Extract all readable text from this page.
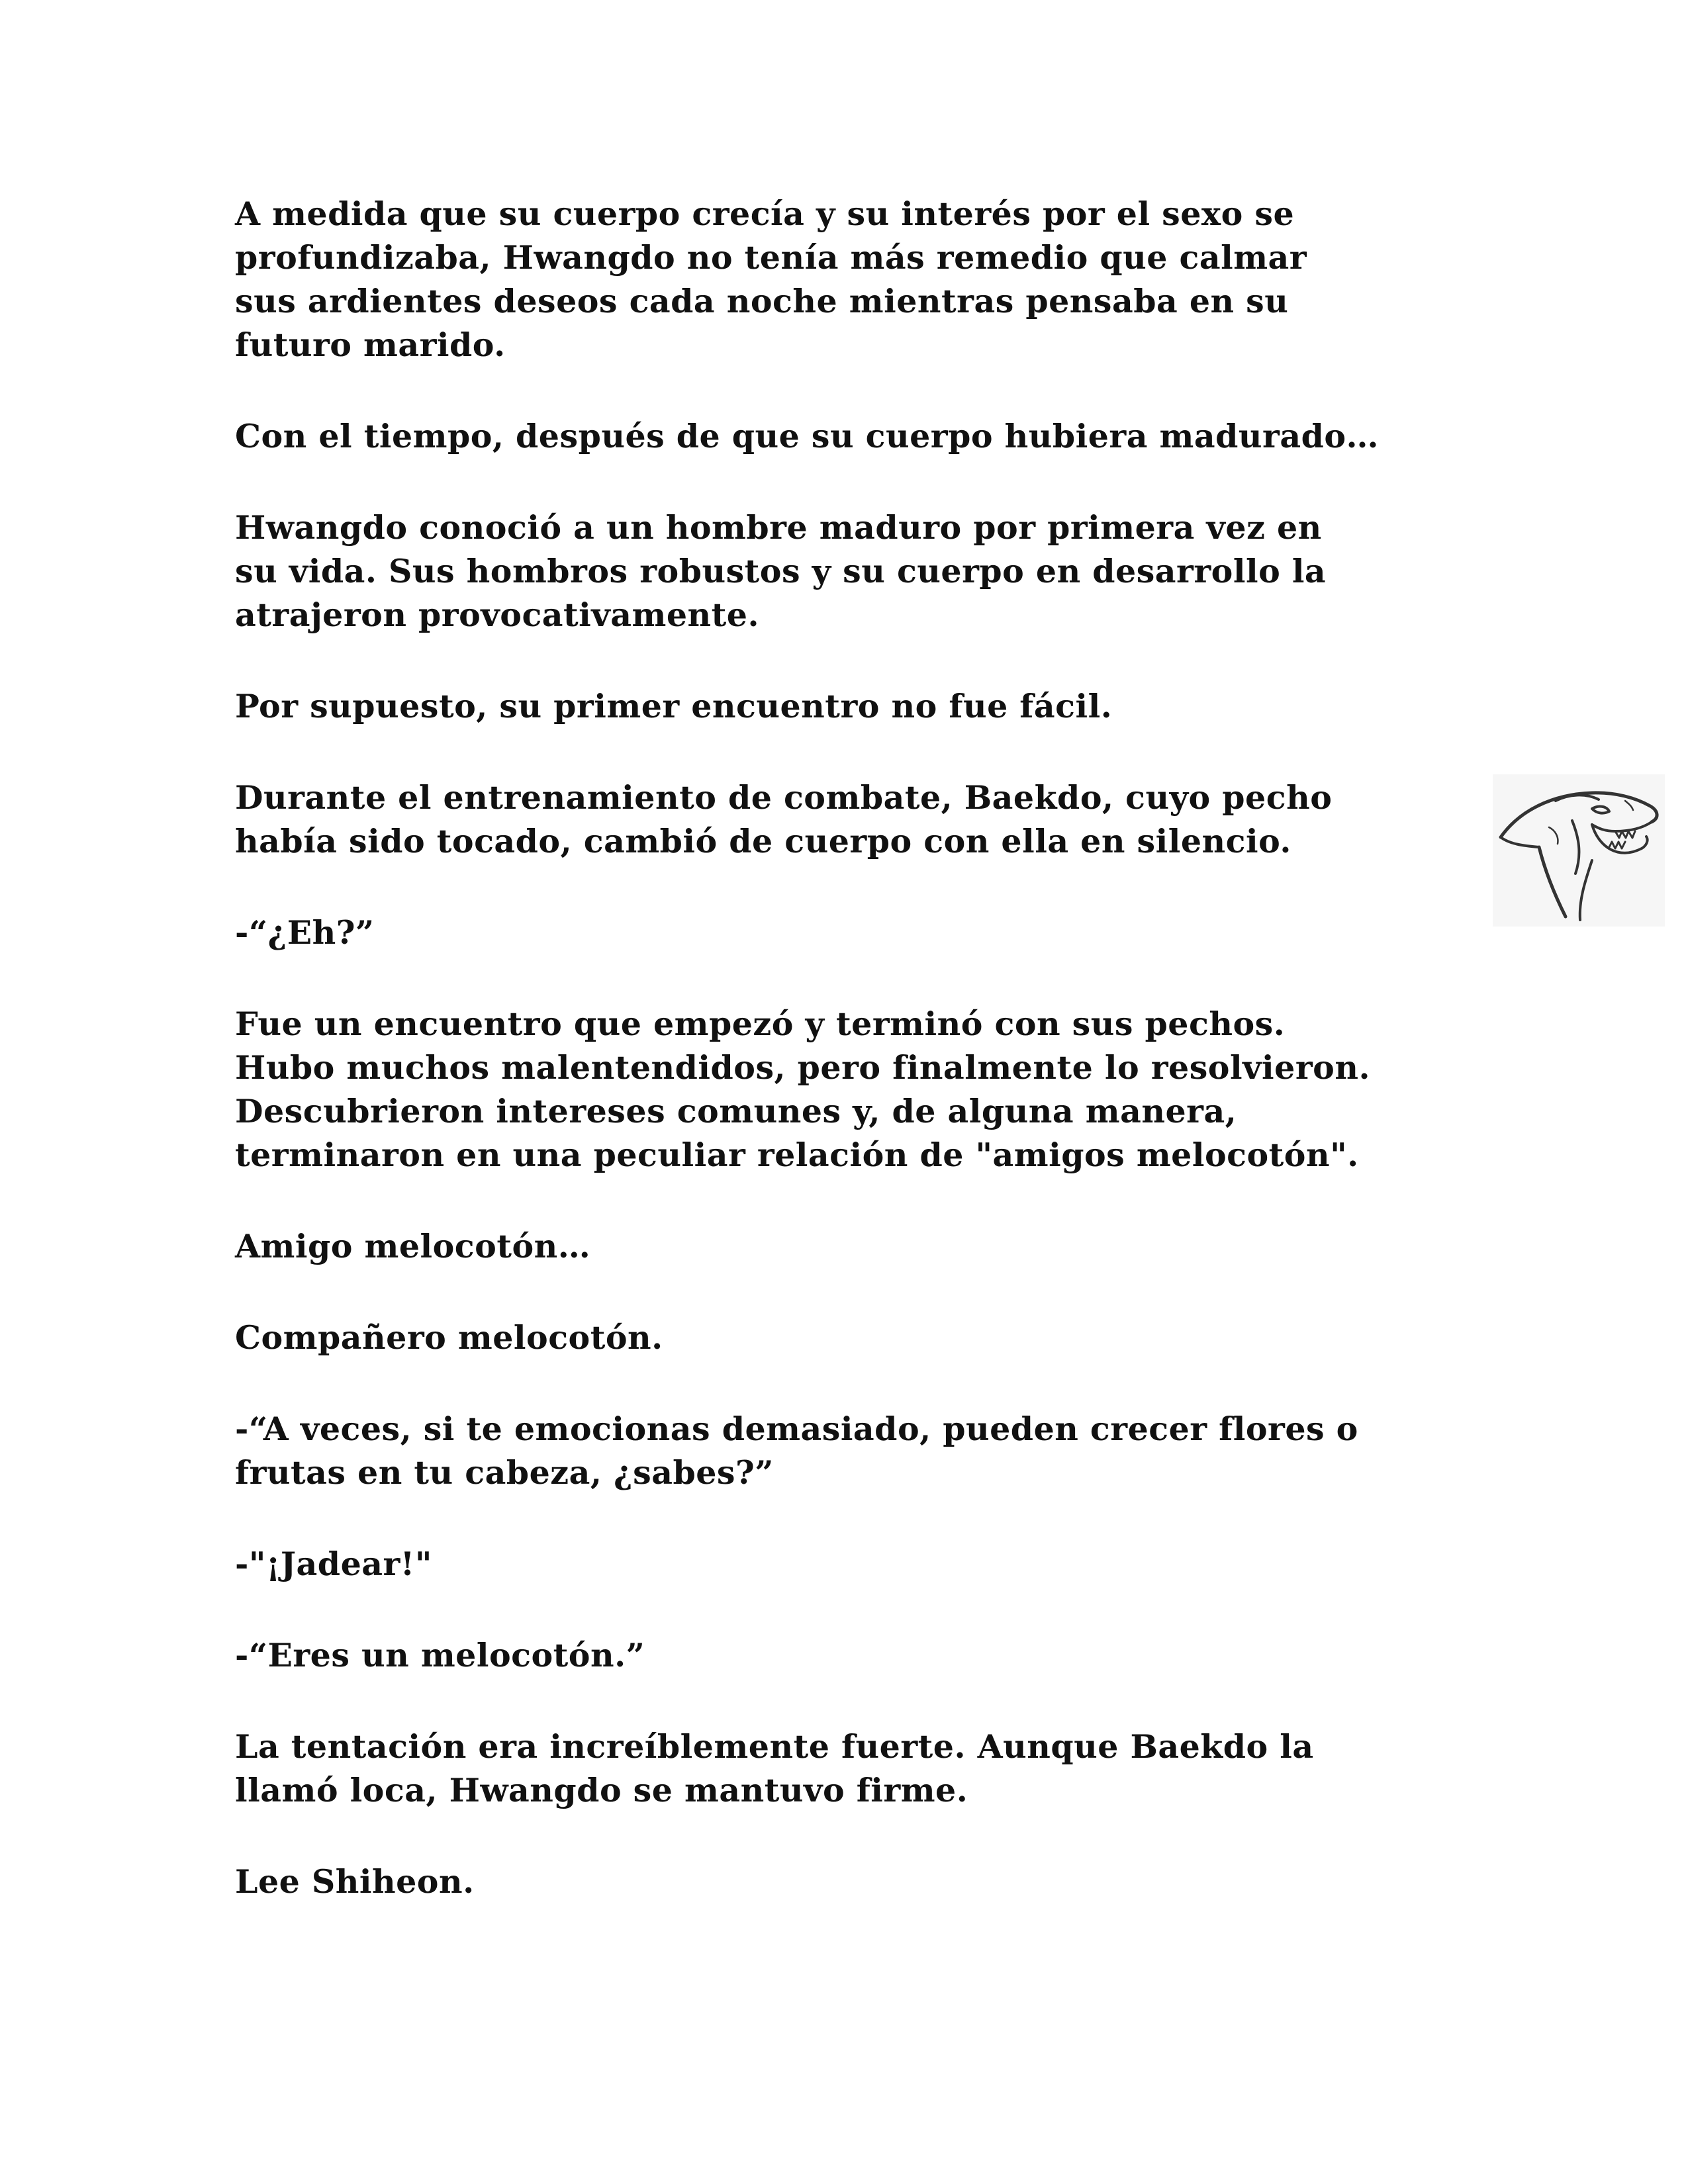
A medida que su cuerpo crecía y su interés por el sexo se
profundizaba, Hwangdo no tenía más remedio que calmar
sus ardientes deseos cada noche mientras pensaba en su
futuro marido.

Con el tiempo, después de que su cuerpo hubiera madurado…

Hwangdo conoció a un hombre maduro por primera vez en
su vida. Sus hombros robustos y su cuerpo en desarrollo la
atrajeron provocativamente.

Por supuesto, su primer encuentro no fue fácil.

Durante el entrenamiento de combate, Baekdo, cuyo pecho
había sido tocado, cambió de cuerpo con ella en silencio.

-“¿Eh?”

Fue un encuentro que empezó y terminó con sus pechos.
Hubo muchos malentendidos, pero finalmente lo resolvieron.
Descubrieron intereses comunes y, de alguna manera,
terminaron en una peculiar relación de "amigos melocotón".

Amigo melocotón…

Compañero melocotón.

-“A veces, si te emocionas demasiado, pueden crecer flores o
frutas en tu cabeza, ¿sabes?”

-"¡Jadear!"

-“Eres un melocotón.”

La tentación era increíblemente fuerte. Aunque Baekdo la
llamó loca, Hwangdo se mantuvo firme.

Lee Shiheon.
